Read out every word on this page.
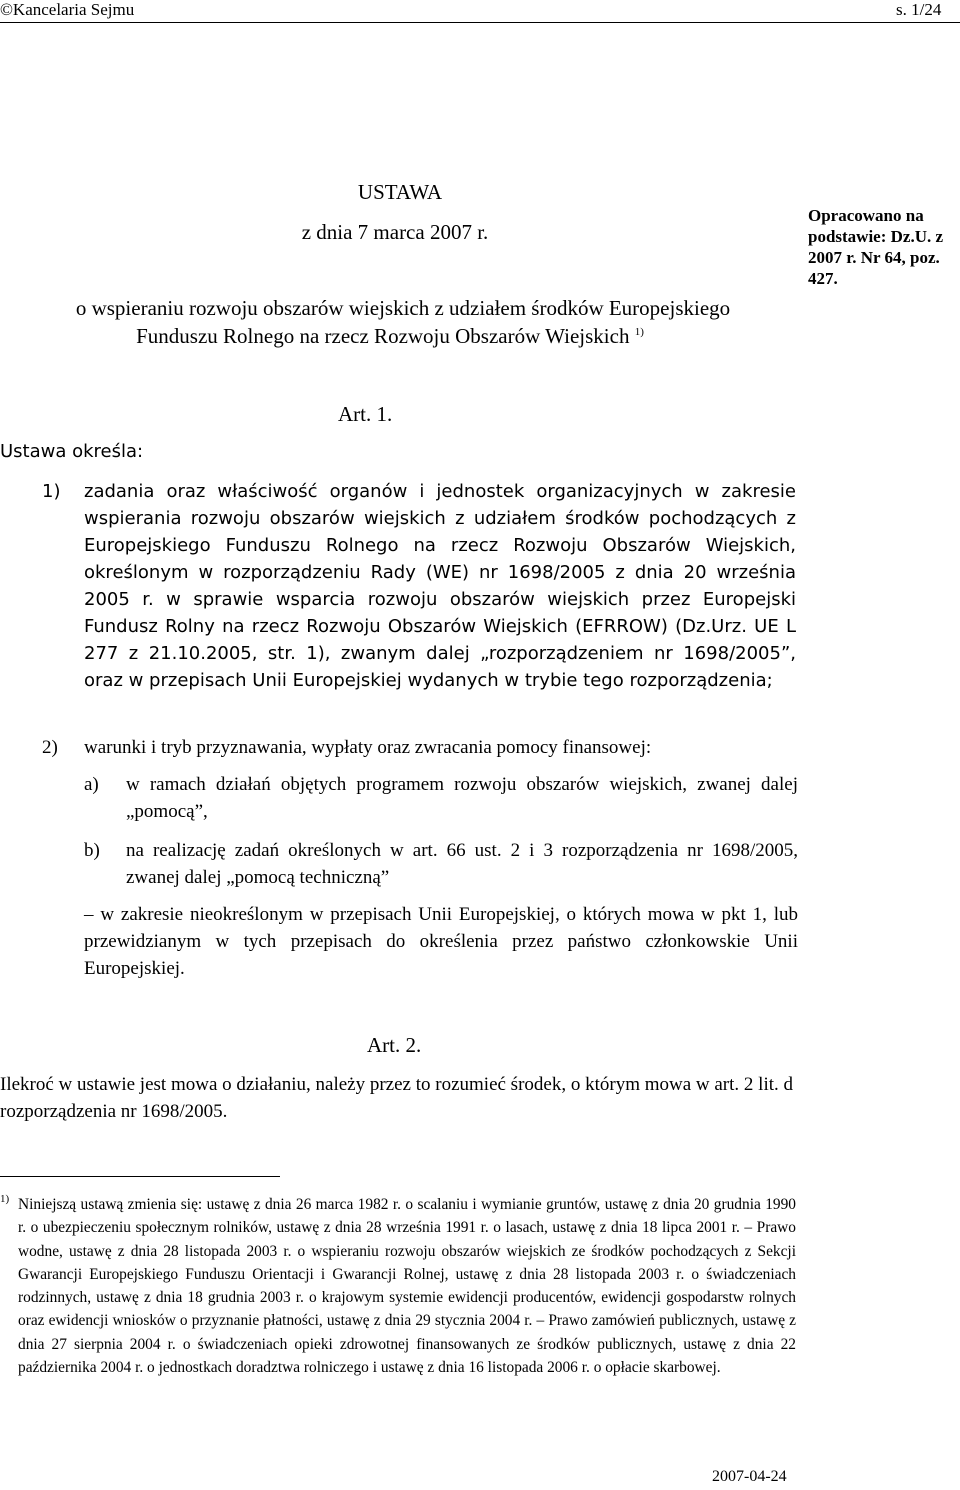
©Kancelaria Sejmu	s. 1/24
USTAWA
z dnia 7 marca 2007 r.
o wspieraniu rozwoju obszarów wiejskich z udziałem środków Europejskiego
Funduszu Rolnego na rzecz Rozwoju Obszarów Wiejskich $^{1)}$
Opracowano na podstawie: Dz.U. z 2007 r. Nr 64, poz. 427.
Art. 1.
Ustawa określa:
1) zadania oraz właściwość organów i jednostek organizacyjnych w zakresie wspierania rozwoju obszarów wiejskich z udziałem środków pochodzących z Europejskiego Funduszu Rolnego na rzecz Rozwoju Obszarów Wiejskich, określonym w rozporządzeniu Rady (WE) nr 1698/2005 z dnia 20 września 2005 r. w sprawie wsparcia rozwoju obszarów wiejskich przez Europejski Fundusz Rolny na rzecz Rozwoju Obszarów Wiejskich (EFRROW) (Dz.Urz. UE L 277 z 21.10.2005, str. 1), zwanym dalej „rozporządzeniem nr 1698/2005”, oraz w przepisach Unii Europejskiej wydanych w trybie tego rozporządzenia;
2) warunki i tryb przyznawania, wypłaty oraz zwracania pomocy finansowej:
a) w ramach działań objętych programem rozwoju obszarów wiejskich, zwanej dalej „pomocą”,
b) na realizację zadań określonych w art. 66 ust. 2 i 3 rozporządzenia nr 1698/2005, zwanej dalej „pomocą techniczną”
– w zakresie nieokreślonym w przepisach Unii Europejskiej, o których mowa w pkt 1, lub przewidzianym w tych przepisach do określenia przez państwo członkowskie Unii Europejskiej.
Art. 2.
Ilekroć w ustawie jest mowa o działaniu, należy przez to rozumieć środek, o którym mowa w art. 2 lit. d rozporządzenia nr 1698/2005.
1) Niniejszą ustawą zmienia się: ustawę z dnia 26 marca 1982 r. o scalaniu i wymianie gruntów, ustawę z dnia 20 grudnia 1990 r. o ubezpieczeniu społecznym rolników, ustawę z dnia 28 września 1991 r. o lasach, ustawę z dnia 18 lipca 2001 r. – Prawo wodne, ustawę z dnia 28 listopada 2003 r. o wspieraniu rozwoju obszarów wiejskich ze środków pochodzących z Sekcji Gwarancji Europejskiego Funduszu Orientacji i Gwarancji Rolnej, ustawę z dnia 28 listopada 2003 r. o świadczeniach rodzinnych, ustawę z dnia 18 grudnia 2003 r. o krajowym systemie ewidencji producentów, ewidencji gospodarstw rolnych oraz ewidencji wniosków o przyznanie płatności, ustawę z dnia 29 stycznia 2004 r. – Prawo zamówień publicznych, ustawę z dnia 27 sierpnia 2004 r. o świadczeniach opieki zdrowotnej finansowanych ze środków publicznych, ustawę z dnia 22 października 2004 r. o jednostkach doradztwa rolniczego i ustawę z dnia 16 listopada 2006 r. o opłacie skarbowej.
2007-04-24
